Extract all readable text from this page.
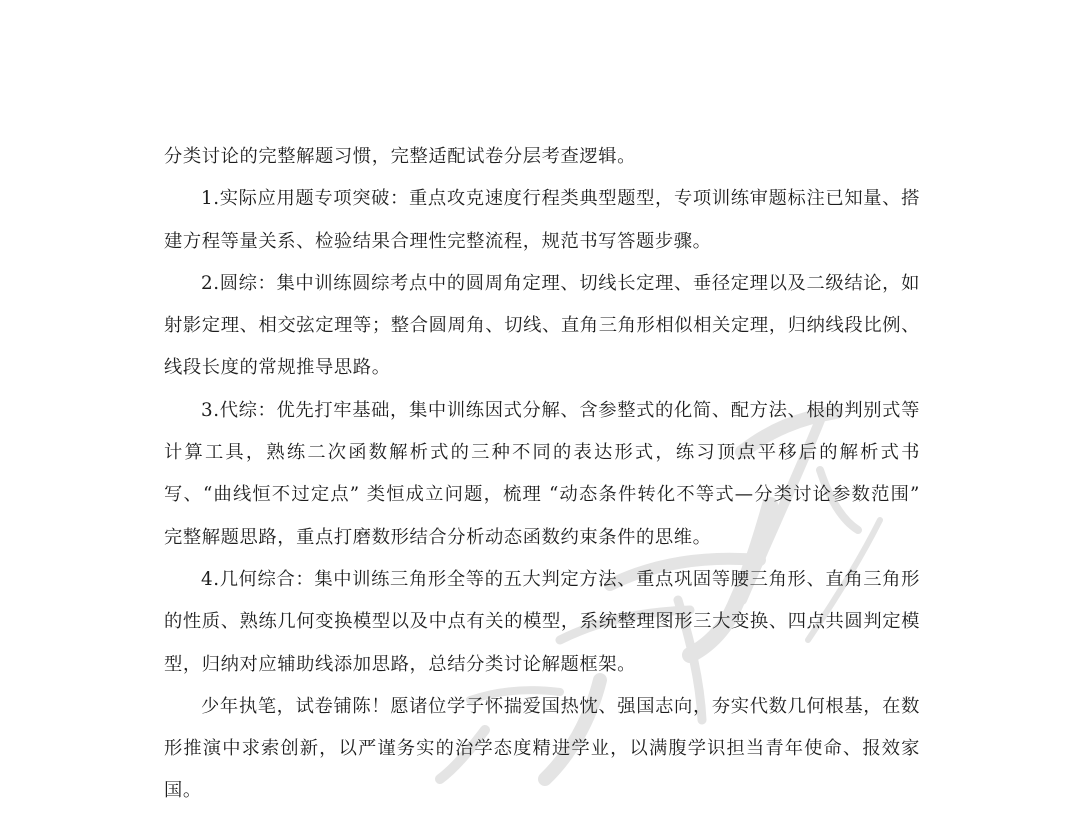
分类讨论的完整解题习惯，完整适配试卷分层考查逻辑。

1.实际应用题专项突破：重点攻克速度行程类典型题型，专项训练审题标注已知量、搭建方程等量关系、检验结果合理性完整流程，规范书写答题步骤。

2.圆综：集中训练圆综考点中的圆周角定理、切线长定理、垂径定理以及二级结论，如射影定理、相交弦定理等；整合圆周角、切线、直角三角形相似相关定理，归纳线段比例、线段长度的常规推导思路。

3.代综：优先打牢基础，集中训练因式分解、含参整式的化简、配方法、根的判别式等计算工具，熟练二次函数解析式的三种不同的表达形式，练习顶点平移后的解析式书写、“曲线恒不过定点” 类恒成立问题，梳理 “动态条件转化不等式—分类讨论参数范围” 完整解题思路，重点打磨数形结合分析动态函数约束条件的思维。

4.几何综合：集中训练三角形全等的五大判定方法、重点巩固等腰三角形、直角三角形的性质、熟练几何变换模型以及中点有关的模型，系统整理图形三大变换、四点共圆判定模型，归纳对应辅助线添加思路，总结分类讨论解题框架。

少年执笔，试卷铺陈！愿诸位学子怀揣爱国热忱、强国志向，夯实代数几何根基，在数形推演中求索创新，以严谨务实的治学态度精进学业，以满腹学识担当青年使命、报效家国。
